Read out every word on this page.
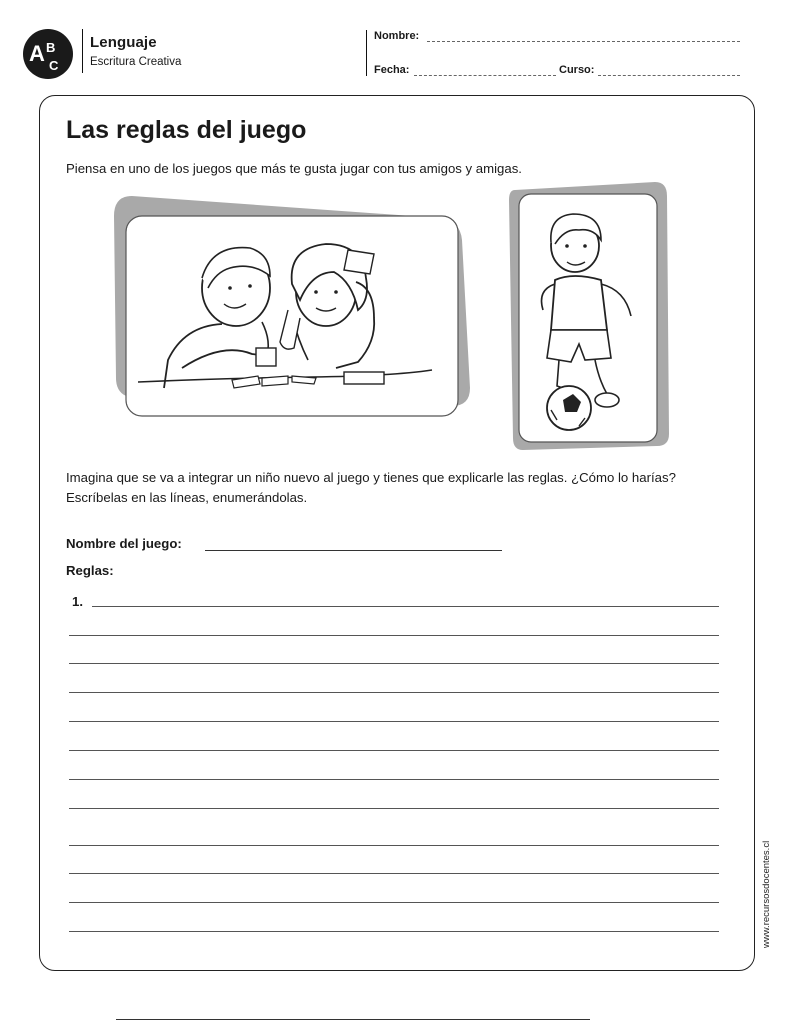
A B
C
Lenguaje
Escritura Creativa
Nombre:
Fecha:	Curso:
Las reglas del juego

Piensa en uno de los juegos que más te gusta jugar con tus amigos y amigas.

Imagina que se va a integrar un niño nuevo al juego y tienes que explicarle las reglas. ¿Cómo lo harías? Escríbelas en las líneas, enumerándolas.

Nombre del juego:
Reglas:
1.
www.recursosdocentes.cl
